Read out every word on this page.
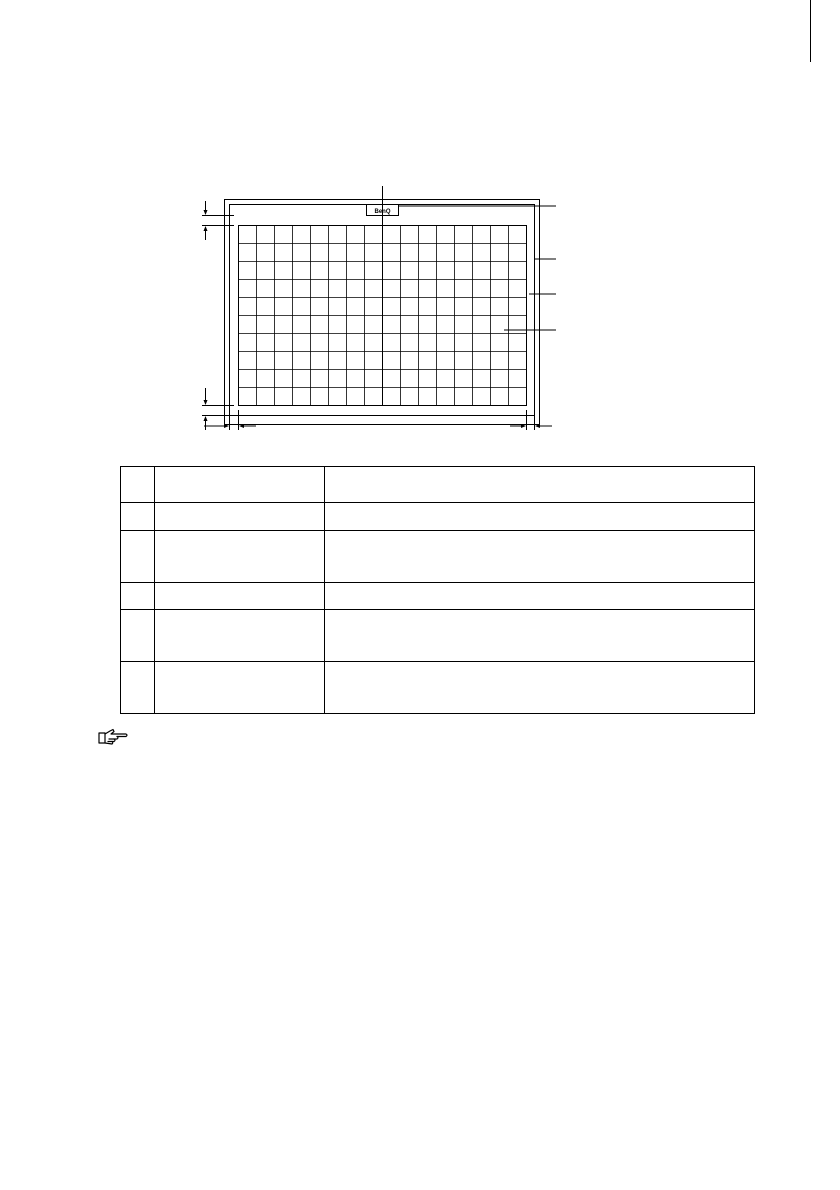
BenQ
